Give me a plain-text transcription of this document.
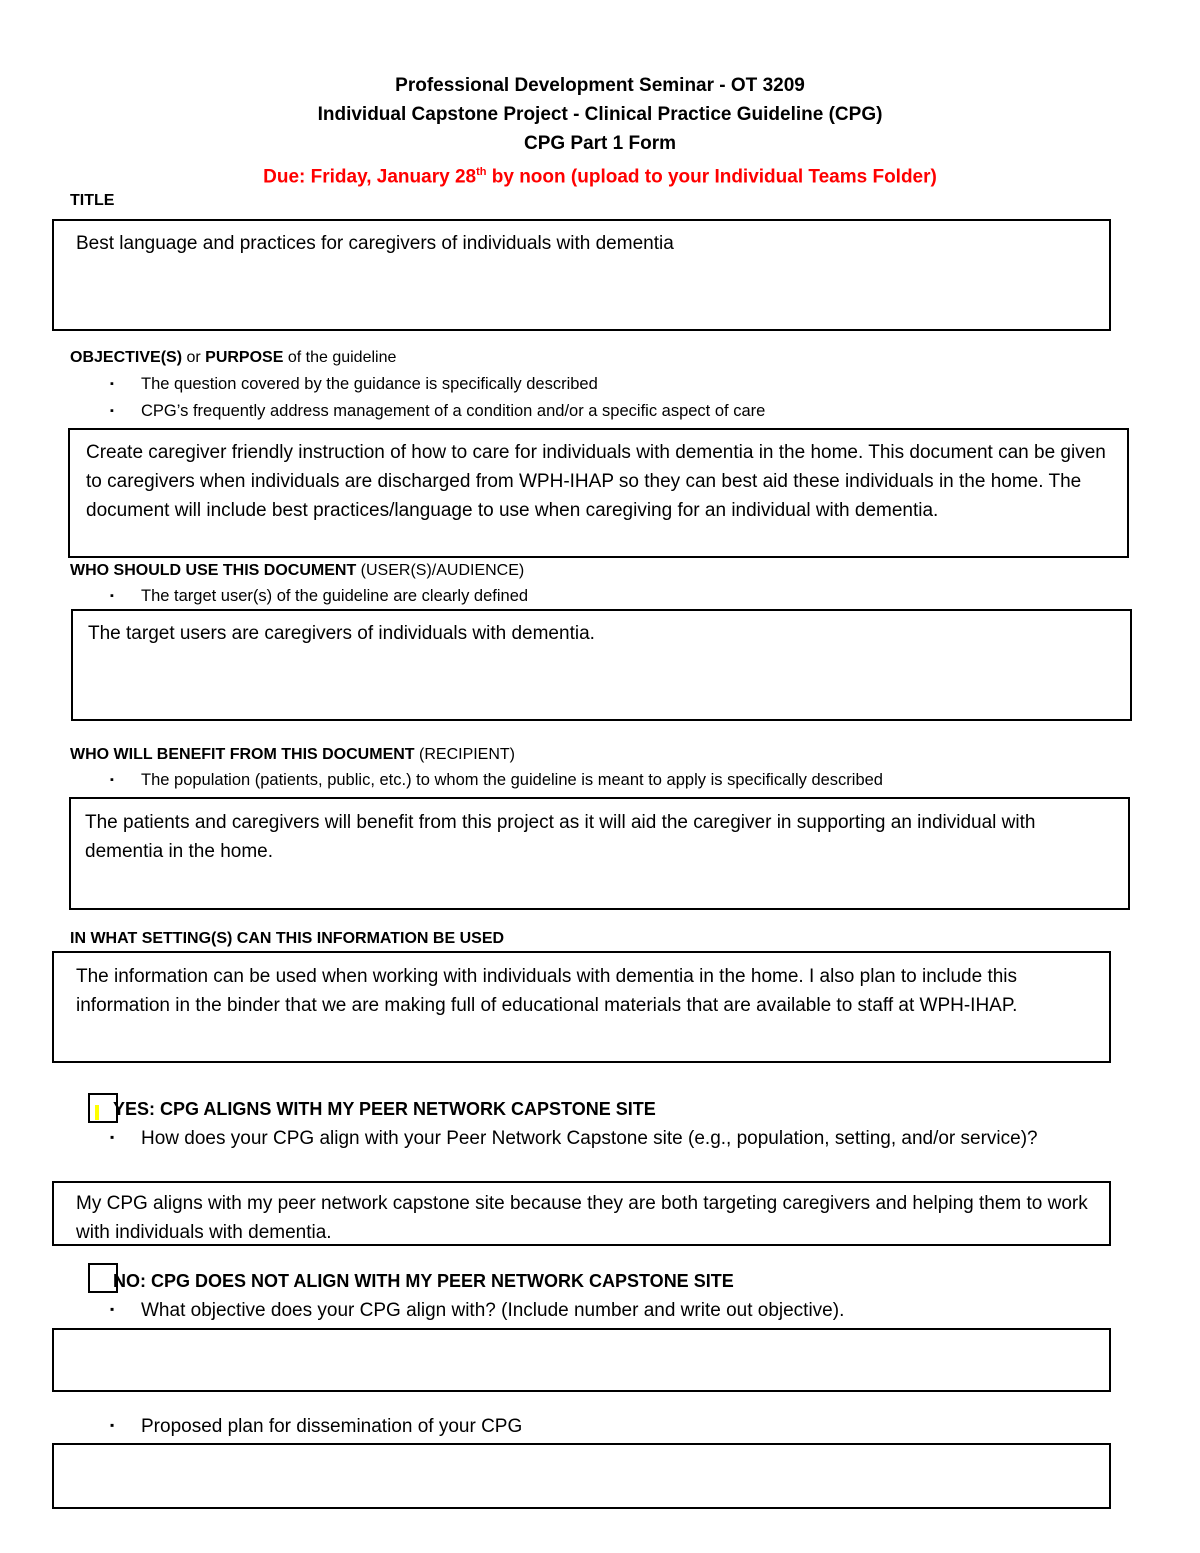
Professional Development Seminar - OT 3209
Individual Capstone Project - Clinical Practice Guideline (CPG)
CPG Part 1 Form
Due: Friday, January 28th by noon (upload to your Individual Teams Folder)
TITLE
Best language and practices for caregivers of individuals with dementia
OBJECTIVE(S) or PURPOSE of the guideline
▪ The question covered by the guidance is specifically described
▪ CPG’s frequently address management of a condition and/or a specific aspect of care
Create caregiver friendly instruction of how to care for individuals with dementia in the home. This document can be given to caregivers when individuals are discharged from WPH-IHAP so they can best aid these individuals in the home. The document will include best practices/language to use when caregiving for an individual with dementia.
WHO SHOULD USE THIS DOCUMENT (USER(S)/AUDIENCE)
▪ The target user(s) of the guideline are clearly defined
The target users are caregivers of individuals with dementia.
WHO WILL BENEFIT FROM THIS DOCUMENT (RECIPIENT)
▪ The population (patients, public, etc.) to whom the guideline is meant to apply is specifically described
The patients and caregivers will benefit from this project as it will aid the caregiver in supporting an individual with dementia in the home.
IN WHAT SETTING(S) CAN THIS INFORMATION BE USED
The information can be used when working with individuals with dementia in the home. I also plan to include this information in the binder that we are making full of educational materials that are available to staff at WPH-IHAP.
YES: CPG ALIGNS WITH MY PEER NETWORK CAPSTONE SITE
▪ How does your CPG align with your Peer Network Capstone site (e.g., population, setting, and/or service)?
My CPG aligns with my peer network capstone site because they are both targeting caregivers and helping them to work with individuals with dementia.
NO: CPG DOES NOT ALIGN WITH MY PEER NETWORK CAPSTONE SITE
▪ What objective does your CPG align with? (Include number and write out objective).
▪ Proposed plan for dissemination of your CPG
